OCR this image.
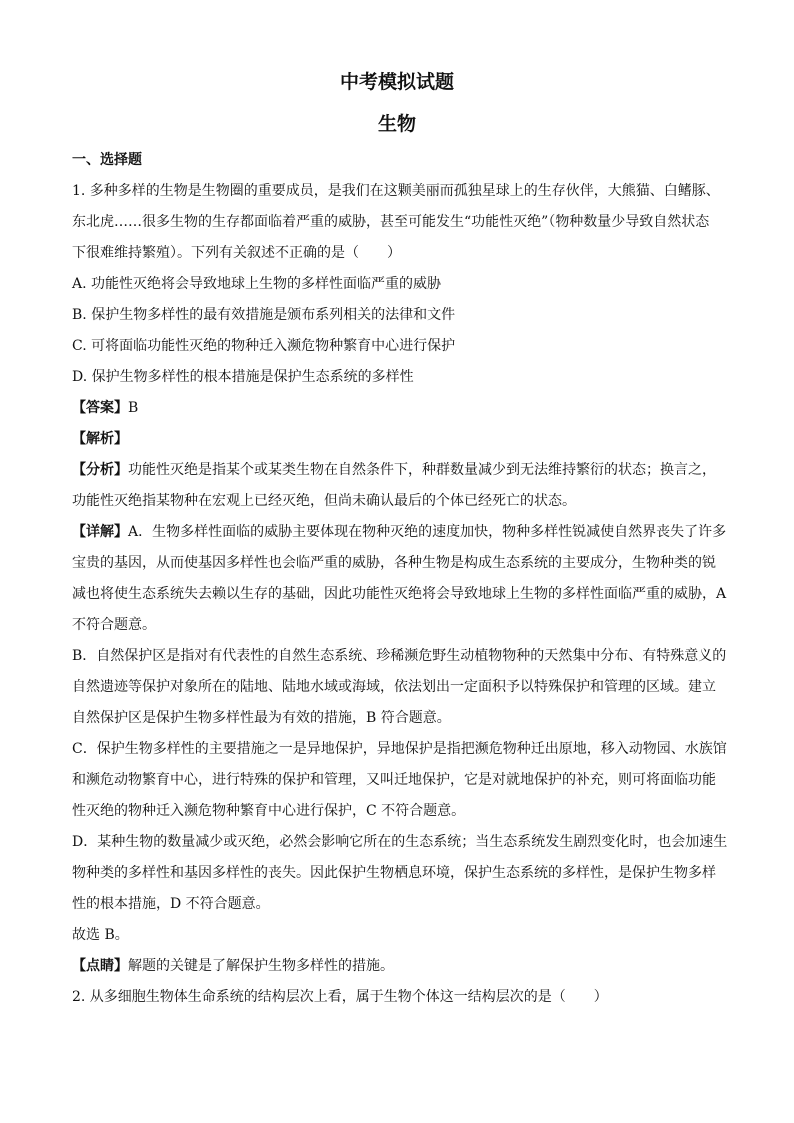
中考模拟试题
生物
一、选择题
1. 多种多样的生物是生物圈的重要成员，是我们在这颗美丽而孤独星球上的生存伙伴，大熊猫、白鳍豚、
东北虎……很多生物的生存都面临着严重的威胁，甚至可能发生“功能性灭绝”（物种数量少导致自然状态
下很难维持繁殖）。下列有关叙述不正确的是（　　）
A. 功能性灭绝将会导致地球上生物的多样性面临严重的威胁
B. 保护生物多样性的最有效措施是颁布系列相关的法律和文件
C. 可将面临功能性灭绝的物种迁入濒危物种繁育中心进行保护
D. 保护生物多样性的根本措施是保护生态系统的多样性
【答案】B
【解析】
【分析】功能性灭绝是指某个或某类生物在自然条件下，种群数量减少到无法维持繁衍的状态；换言之，
功能性灭绝指某物种在宏观上已经灭绝，但尚未确认最后的个体已经死亡的状态。
【详解】A．生物多样性面临的威胁主要体现在物种灭绝的速度加快，物种多样性锐减使自然界丧失了许多
宝贵的基因，从而使基因多样性也会临严重的威胁，各种生物是构成生态系统的主要成分，生物种类的锐
减也将使生态系统失去赖以生存的基础，因此功能性灭绝将会导致地球上生物的多样性面临严重的威胁，A
不符合题意。
B．自然保护区是指对有代表性的自然生态系统、珍稀濒危野生动植物物种的天然集中分布、有特殊意义的
自然遗迹等保护对象所在的陆地、陆地水域或海域，依法划出一定面积予以特殊保护和管理的区域。建立
自然保护区是保护生物多样性最为有效的措施，B 符合题意。
C．保护生物多样性的主要措施之一是异地保护，异地保护是指把濒危物种迁出原地，移入动物园、水族馆
和濒危动物繁育中心，进行特殊的保护和管理，又叫迁地保护，它是对就地保护的补充，则可将面临功能
性灭绝的物种迁入濒危物种繁育中心进行保护，C 不符合题意。
D．某种生物的数量减少或灭绝，必然会影响它所在的生态系统；当生态系统发生剧烈变化时，也会加速生
物种类的多样性和基因多样性的丧失。因此保护生物栖息环境，保护生态系统的多样性，是保护生物多样
性的根本措施，D 不符合题意。
故选 B。
【点睛】解题的关键是了解保护生物多样性的措施。
2. 从多细胞生物体生命系统的结构层次上看，属于生物个体这一结构层次的是（　　）
